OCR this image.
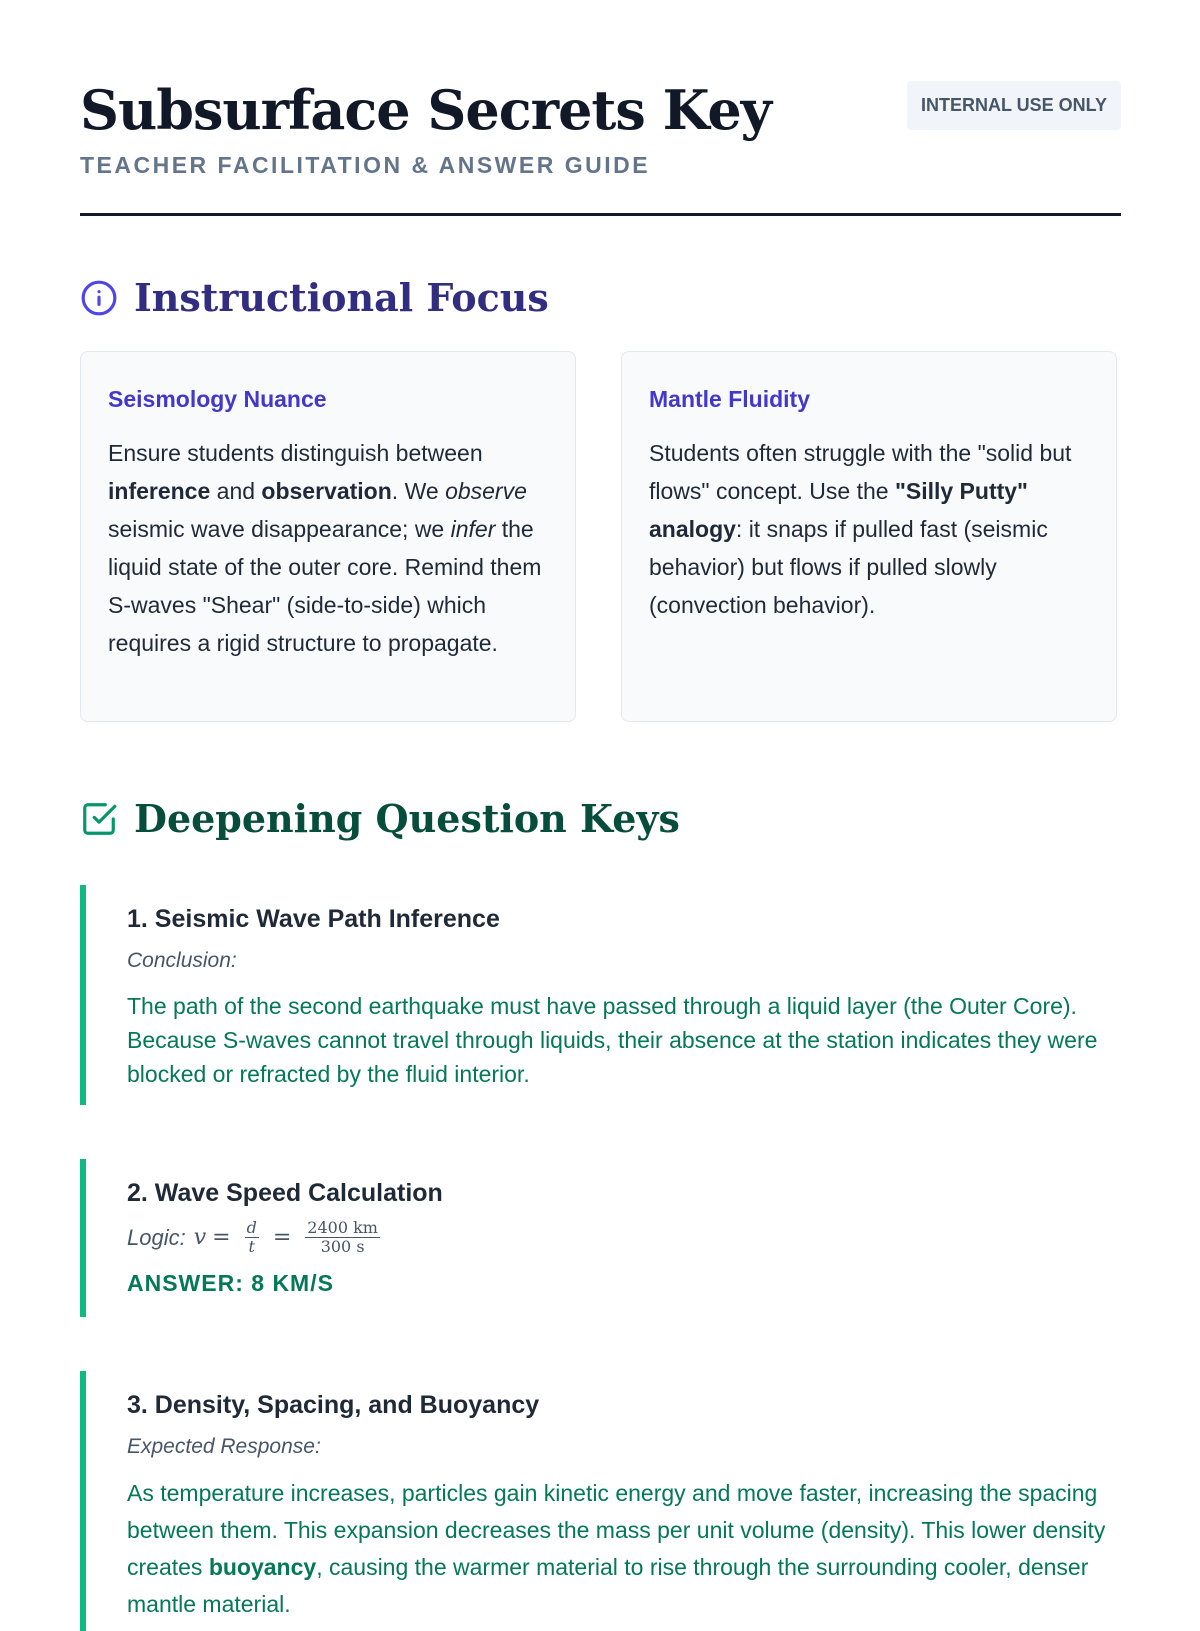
Subsurface Secrets Key
TEACHER FACILITATION & ANSWER GUIDE
INTERNAL USE ONLY
Instructional Focus
Seismology Nuance

Ensure students distinguish between inference and observation. We observe seismic wave disappearance; we infer the liquid state of the outer core. Remind them S-waves "Shear" (side-to-side) which requires a rigid structure to propagate.

Mantle Fluidity

Students often struggle with the "solid but flows" concept. Use the "Silly Putty" analogy: it snaps if pulled fast (seismic behavior) but flows if pulled slowly (convection behavior).

Deepening Question Keys
1. Seismic Wave Path Inference
Conclusion:
The path of the second earthquake must have passed through a liquid layer (the Outer Core). Because S-waves cannot travel through liquids, their absence at the station indicates they were blocked or refracted by the fluid interior.
2. Wave Speed Calculation
Logic: $v = \frac{d}{t} = \frac{2400 km}{300 s}$
ANSWER: 8 KM/S
3. Density, Spacing, and Buoyancy
Expected Response:
As temperature increases, particles gain kinetic energy and move faster, increasing the spacing between them. This expansion decreases the mass per unit volume (density). This lower density creates buoyancy, causing the warmer material to rise through the surrounding cooler, denser mantle material.
